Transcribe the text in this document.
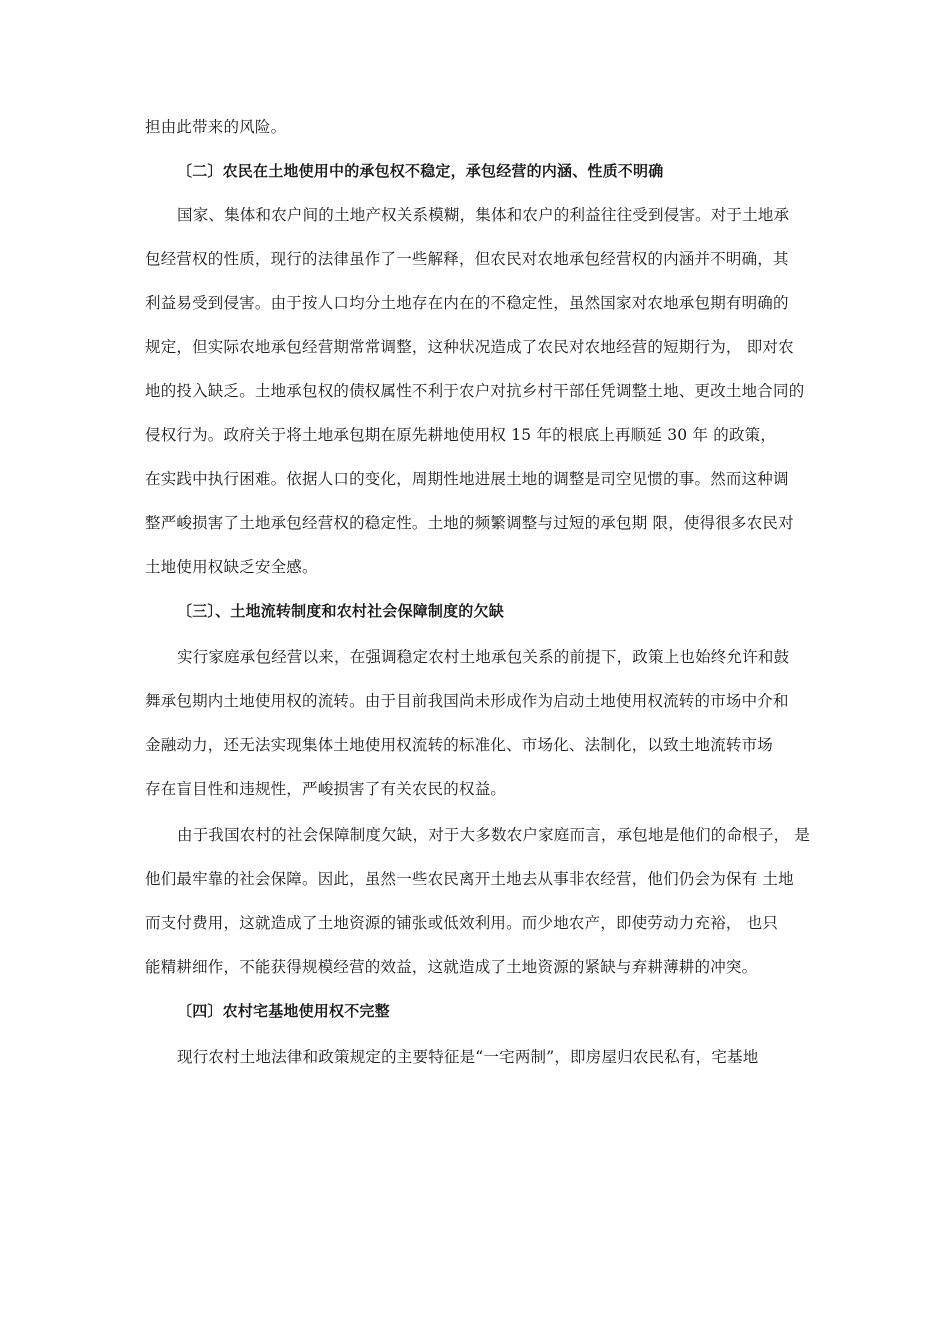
担由此带来的风险。
〔二〕农民在土地使用中的承包权不稳定，承包经营的内涵、性质不明确
国家、集体和农户间的土地产权关系模糊，集体和农户的利益往往受到侵害。对于土地承
包经营权的性质，现行的法律虽作了一些解释，但农民对农地承包经营权的内涵并不明确，其
利益易受到侵害。由于按人口均分土地存在内在的不稳定性，虽然国家对农地承包期有明确的
规定，但实际农地承包经营期常常调整，这种状况造成了农民对农地经营的短期行为， 即对农
地的投入缺乏。土地承包权的债权属性不利于农户对抗乡村干部任凭调整土地、更改土地合同的
侵权行为。政府关于将土地承包期在原先耕地使用权 15 年的根底上再顺延 30 年 的政策，
在实践中执行困难。依据人口的变化，周期性地进展土地的调整是司空见惯的事。然而这种调
整严峻损害了土地承包经营权的稳定性。土地的频繁调整与过短的承包期 限，使得很多农民对
土地使用权缺乏安全感。
〔三〕、土地流转制度和农村社会保障制度的欠缺
实行家庭承包经营以来，在强调稳定农村土地承包关系的前提下，政策上也始终允许和鼓
舞承包期内土地使用权的流转。由于目前我国尚未形成作为启动土地使用权流转的市场中介和
金融动力，还无法实现集体土地使用权流转的标准化、市场化、法制化，以致土地流转市场
存在盲目性和违规性，严峻损害了有关农民的权益。
由于我国农村的社会保障制度欠缺，对于大多数农户家庭而言，承包地是他们的命根子， 是
他们最牢靠的社会保障。因此，虽然一些农民离开土地去从事非农经营，他们仍会为保有 土地
而支付费用，这就造成了土地资源的铺张或低效利用。而少地农产，即使劳动力充裕， 也只
能精耕细作，不能获得规模经营的效益，这就造成了土地资源的紧缺与弃耕薄耕的冲突。
〔四〕农村宅基地使用权不完整
现行农村土地法律和政策规定的主要特征是“一宅两制”，即房屋归农民私有，宅基地
